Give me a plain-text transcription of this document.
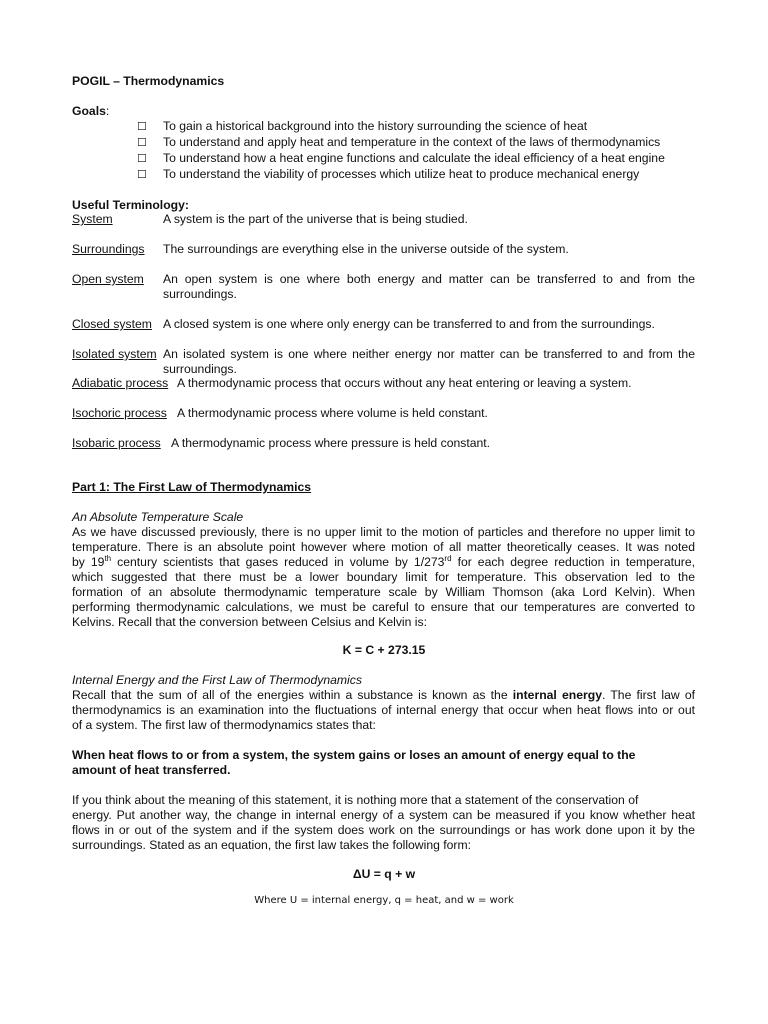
POGIL – Thermodynamics
Goals:
☐ To gain a historical background into the history surrounding the science of heat
☐ To understand and apply heat and temperature in the context of the laws of thermodynamics
☐ To understand how a heat engine functions and calculate the ideal efficiency of a heat engine
☐ To understand the viability of processes which utilize heat to produce mechanical energy
Useful Terminology:
System	A system is the part of the universe that is being studied.
Surroundings The surroundings are everything else in the universe outside of the system.
Open system An open system is one where both energy and matter can be transferred to and from the
surroundings.
Closed system A closed system is one where only energy can be transferred to and from the surroundings.
Isolated system An isolated system is one where neither energy nor matter can be transferred to and from the
surroundings.
Adiabatic process A thermodynamic process that occurs without any heat entering or leaving a system.
Isochoric process A thermodynamic process where volume is held constant.
Isobaric process A thermodynamic process where pressure is held constant.
Part 1: The First Law of Thermodynamics
An Absolute Temperature Scale
As we have discussed previously, there is no upper limit to the motion of particles and therefore no upper limit to
temperature. There is an absolute point however where motion of all matter theoretically ceases. It was noted
by 19th century scientists that gases reduced in volume by 1/273rd for each degree reduction in temperature,
which suggested that there must be a lower boundary limit for temperature. This observation led to the
formation of an absolute thermodynamic temperature scale by William Thomson (aka Lord Kelvin). When
performing thermodynamic calculations, we must be careful to ensure that our temperatures are converted to
Kelvins. Recall that the conversion between Celsius and Kelvin is:
K = C + 273.15
Internal Energy and the First Law of Thermodynamics
Recall that the sum of all of the energies within a substance is known as the internal energy. The first law of
thermodynamics is an examination into the fluctuations of internal energy that occur when heat flows into or out
of a system. The first law of thermodynamics states that:
When heat flows to or from a system, the system gains or loses an amount of energy equal to the
amount of heat transferred.
If you think about the meaning of this statement, it is nothing more that a statement of the conservation of
energy. Put another way, the change in internal energy of a system can be measured if you know whether heat
flows in or out of the system and if the system does work on the surroundings or has work done upon it by the
surroundings. Stated as an equation, the first law takes the following form:
ΔU = q + w
Where U = internal energy, q = heat, and w = work
